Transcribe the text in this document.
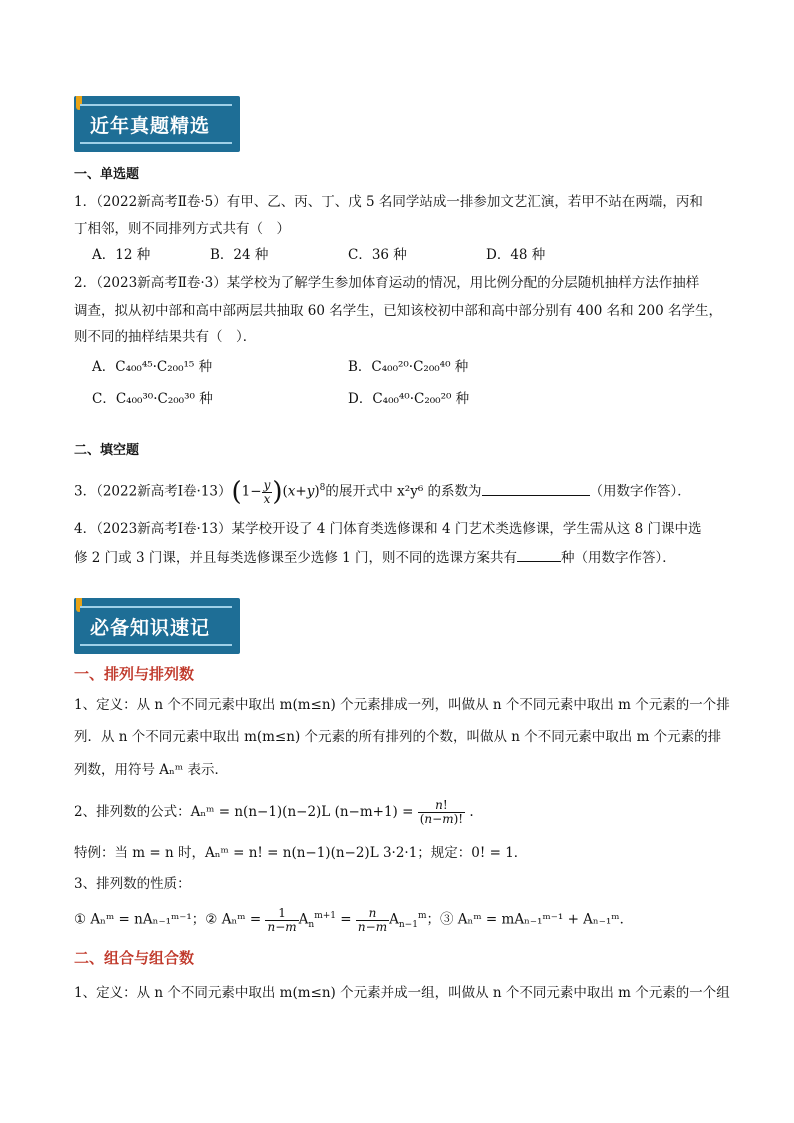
近年真题精选
一、单选题
1．（2022新高考Ⅱ卷·5）有甲、乙、丙、丁、戊 5 名同学站成一排参加文艺汇演，若甲不站在两端，丙和
丁相邻，则不同排列方式共有（　）
A．12 种	B．24 种	C．36 种	D．48 种
2．（2023新高考Ⅱ卷·3）某学校为了解学生参加体育运动的情况，用比例分配的分层随机抽样方法作抽样
调查，拟从初中部和高中部两层共抽取 60 名学生，已知该校初中部和高中部分别有 400 名和 200 名学生，
则不同的抽样结果共有（　）．
A．C₄₀₀⁴⁵·C₂₀₀¹⁵ 种	B．C₄₀₀²⁰·C₂₀₀⁴⁰ 种
C．C₄₀₀³⁰·C₂₀₀³⁰ 种	D．C₄₀₀⁴⁰·C₂₀₀²⁰ 种
二、填空题
3．（2022新高考Ⅰ卷$\cdot 13)(1- \frac{y}{x} )(x+y)^8$的展开式中 x²y⁶ 的系数为	（用数字作答）．
4．（2023新高考Ⅰ卷·13）某学校开设了 4 门体育类选修课和 4 门艺术类选修课，学生需从这 8 门课中选
修 2 门或 3 门课，并且每类选修课至少选修 1 门，则不同的选课方案共有	种（用数字作答）．
必备知识速记
一、排列与排列数
1、定义：从 n 个不同元素中取出 m(m≤n) 个元素排成一列，叫做从 n 个不同元素中取出 m 个元素的一个排
列．从 n 个不同元素中取出 m(m≤n) 个元素的所有排列的个数，叫做从 n 个不同元素中取出 m 个元素的排
列数，用符号 Aₙᵐ 表示．
2、排列数的公式：Aₙᵐ = n(n−1)(n−2)L $(n-m+1) = \frac{n!}{(n-m)!}$ .
特例：当 m = n 时，Aₙᵐ = n! = n(n−1)(n−2)L 3·2·1；规定：0! = 1．
3、排列数的性质：
① Aₙᵐ = nAₙ₋₁ᵐ⁻¹；② Aₙᵐ = $\frac{1}{n-m} A_n^{m+1} = \frac{n}{n-m} A_{n-1}^m$；③ Aₙᵐ = mAₙ₋₁ᵐ⁻¹ + Aₙ₋₁ᵐ．
二、组合与组合数
1、定义：从 n 个不同元素中取出 m(m≤n) 个元素并成一组，叫做从 n 个不同元素中取出 m 个元素的一个组
